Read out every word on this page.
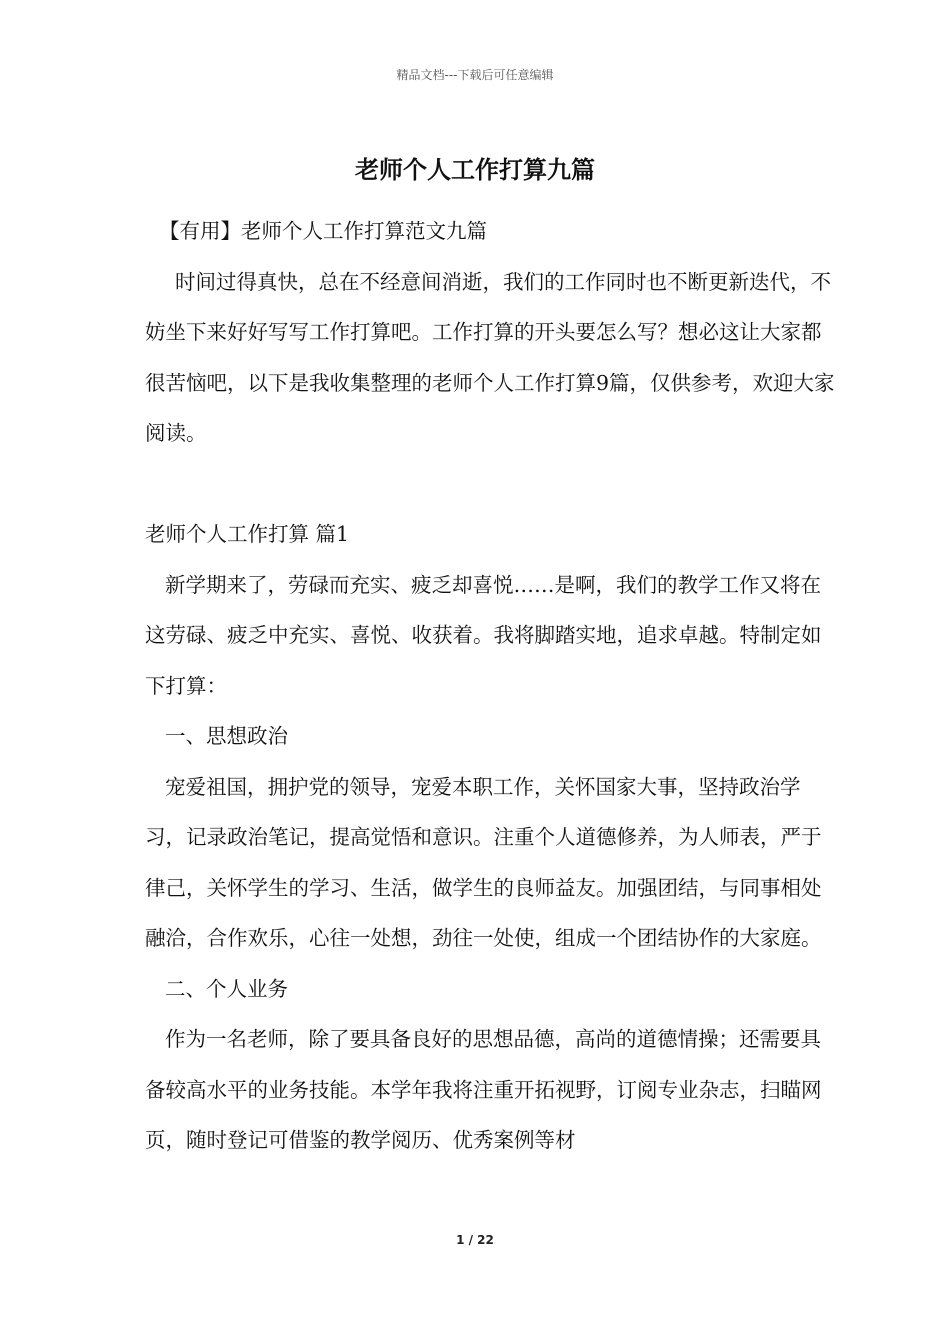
精品文档---下载后可任意编辑
老师个人工作打算九篇

【有用】老师个人工作打算范文九篇

时间过得真快，总在不经意间消逝，我们的工作同时也不断更新迭代，不妨坐下来好好写写工作打算吧。工作打算的开头要怎么写？想必这让大家都很苦恼吧，以下是我收集整理的老师个人工作打算9篇，仅供参考，欢迎大家阅读。

老师个人工作打算 篇1

新学期来了，劳碌而充实、疲乏却喜悦……是啊，我们的教学工作又将在这劳碌、疲乏中充实、喜悦、收获着。我将脚踏实地，追求卓越。特制定如下打算：

一、思想政治

宠爱祖国，拥护党的领导，宠爱本职工作，关怀国家大事，坚持政治学习，记录政治笔记，提高觉悟和意识。注重个人道德修养，为人师表，严于律己，关怀学生的学习、生活，做学生的良师益友。加强团结，与同事相处融洽，合作欢乐，心往一处想，劲往一处使，组成一个团结协作的大家庭。

二、个人业务

作为一名老师，除了要具备良好的思想品德，高尚的道德情操；还需要具备较高水平的业务技能。本学年我将注重开拓视野，订阅专业杂志，扫瞄网页，随时登记可借鉴的教学阅历、优秀案例等材

1 / 22
